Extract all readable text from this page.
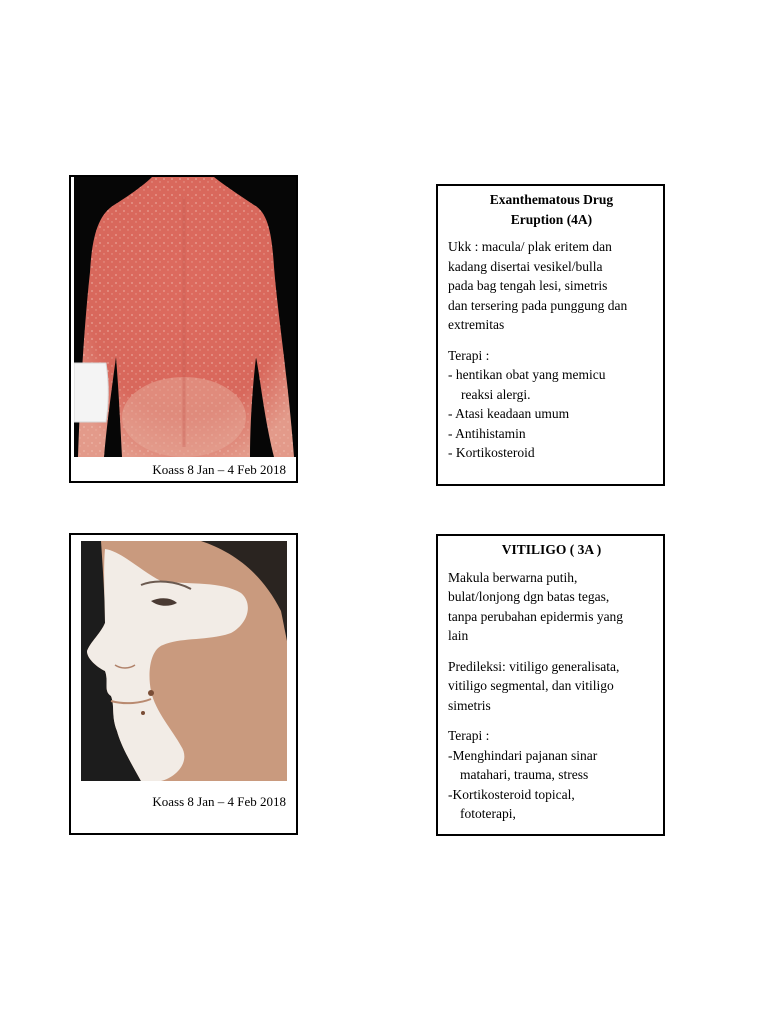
Koass 8 Jan – 4 Feb 2018
Exanthematous Drug
Eruption (4A)
Ukk : macula/ plak eritem dan
kadang disertai vesikel/bulla
pada bag tengah lesi, simetris
dan tersering pada punggung dan
extremitas
Terapi :
- hentikan obat yang memicu
reaksi alergi.
- Atasi keadaan umum
- Antihistamin
- Kortikosteroid
Koass 8 Jan – 4 Feb 2018
VITILIGO ( 3A )
Makula berwarna putih,
bulat/lonjong dgn batas tegas,
tanpa perubahan epidermis yang
lain
Predileksi: vitiligo generalisata,
vitiligo segmental, dan vitiligo
simetris
Terapi :
-Menghindari pajanan sinar
matahari, trauma, stress
-Kortikosteroid topical,
fototerapi,
